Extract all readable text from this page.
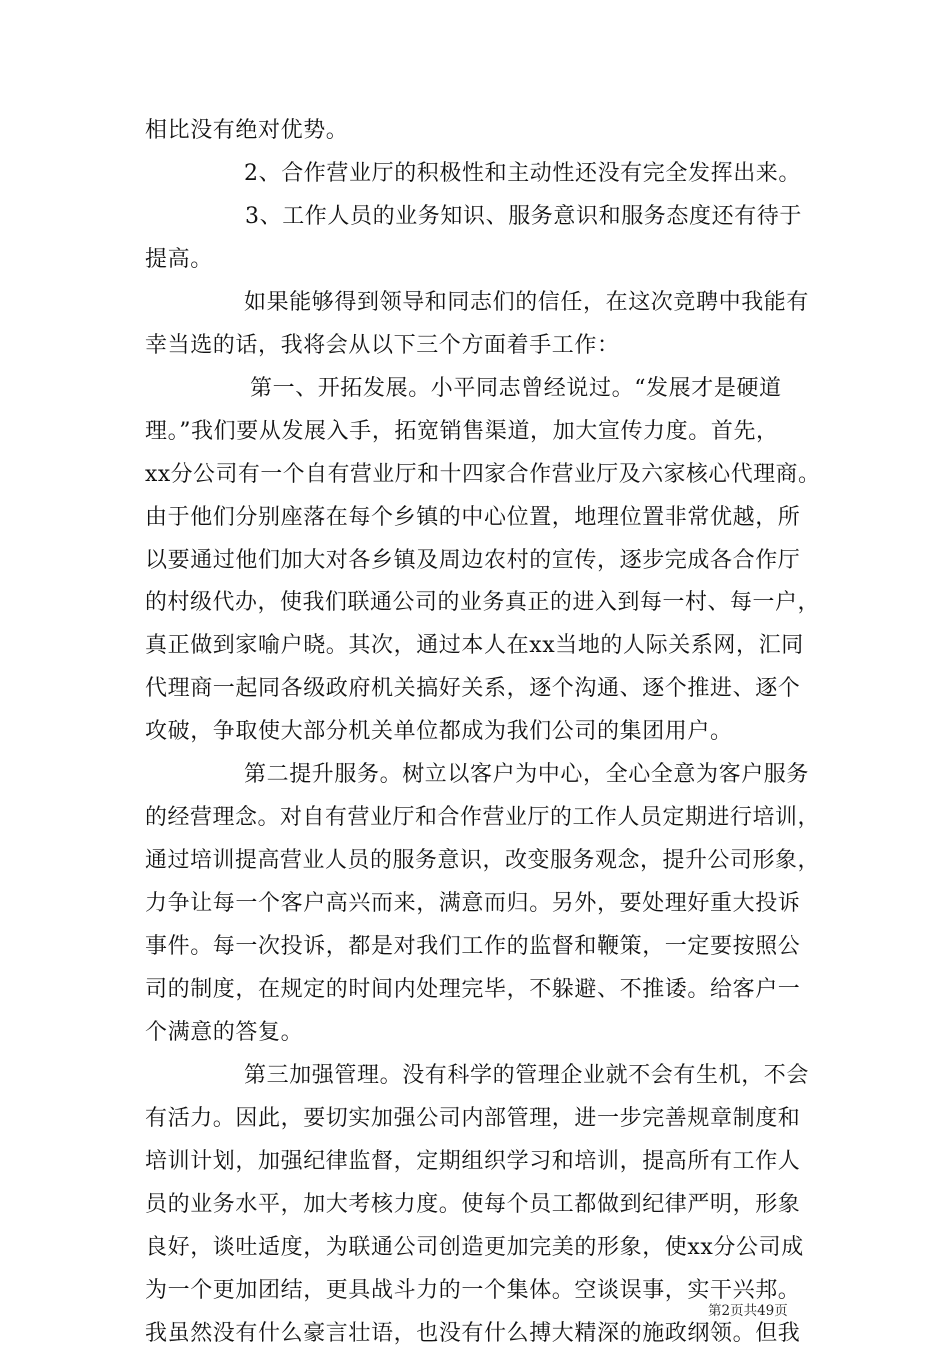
相比没有绝对优势。
2、合作营业厅的积极性和主动性还没有完全发挥出来。
3、工作人员的业务知识、服务意识和服务态度还有待于
提高。
如果能够得到领导和同志们的信任，在这次竞聘中我能有
幸当选的话，我将会从以下三个方面着手工作：
第一、开拓发展。小平同志曾经说过。“发展才是硬道
理。”我们要从发展入手，拓宽销售渠道，加大宣传力度。首先，
xx分公司有一个自有营业厅和十四家合作营业厅及六家核心代理商。
由于他们分别座落在每个乡镇的中心位置，地理位置非常优越，所
以要通过他们加大对各乡镇及周边农村的宣传，逐步完成各合作厅
的村级代办，使我们联通公司的业务真正的进入到每一村、每一户，
真正做到家喻户晓。其次，通过本人在xx当地的人际关系网，汇同
代理商一起同各级政府机关搞好关系，逐个沟通、逐个推进、逐个
攻破，争取使大部分机关单位都成为我们公司的集团用户。
第二提升服务。树立以客户为中心，全心全意为客户服务
的经营理念。对自有营业厅和合作营业厅的工作人员定期进行培训，
通过培训提高营业人员的服务意识，改变服务观念，提升公司形象，
力争让每一个客户高兴而来，满意而归。另外，要处理好重大投诉
事件。每一次投诉，都是对我们工作的监督和鞭策，一定要按照公
司的制度，在规定的时间内处理完毕，不躲避、不推诿。给客户一
个满意的答复。
第三加强管理。没有科学的管理企业就不会有生机，不会
有活力。因此，要切实加强公司内部管理，进一步完善规章制度和
培训计划，加强纪律监督，定期组织学习和培训，提高所有工作人
员的业务水平，加大考核力度。使每个员工都做到纪律严明，形象
良好，谈吐适度，为联通公司创造更加完美的形象，使xx分公司成
为一个更加团结，更具战斗力的一个集体。空谈误事，实干兴邦。
我虽然没有什么豪言壮语，也没有什么搏大精深的施政纲领。但我
第2页共49页
